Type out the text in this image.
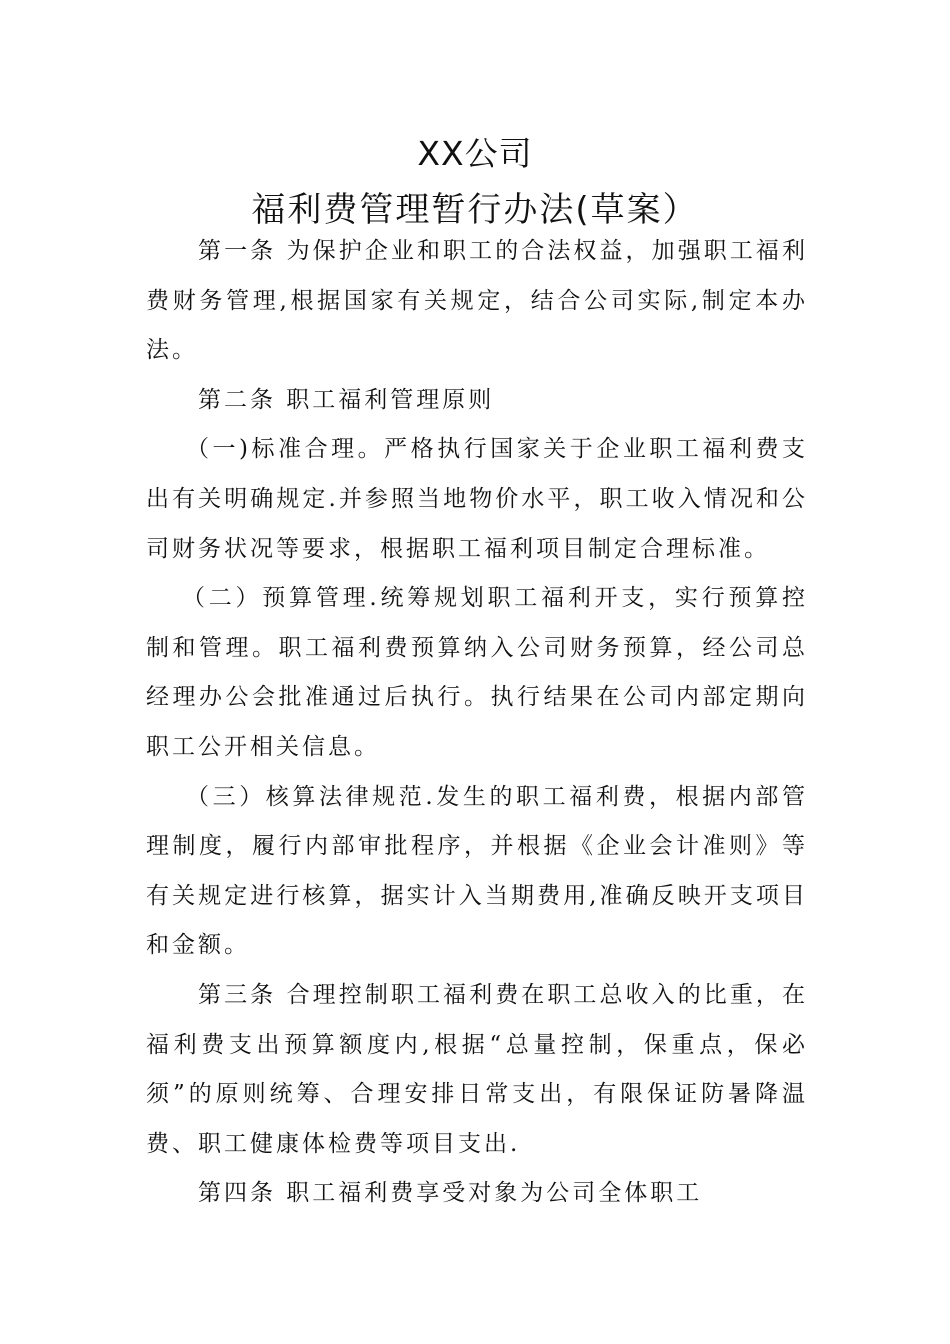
XX公司
福利费管理暂行办法(草案）

第一条 为保护企业和职工的合法权益，加强职工福利费财务管理,根据国家有关规定，结合公司实际,制定本办法。

第二条 职工福利管理原则

（一)标准合理。严格执行国家关于企业职工福利费支出有关明确规定.并参照当地物价水平，职工收入情况和公司财务状况等要求，根据职工福利项目制定合理标准。

（二）预算管理.统筹规划职工福利开支，实行预算控制和管理。职工福利费预算纳入公司财务预算，经公司总经理办公会批准通过后执行。执行结果在公司内部定期向职工公开相关信息。

（三）核算法律规范.发生的职工福利费，根据内部管理制度，履行内部审批程序，并根据《企业会计准则》等有关规定进行核算，据实计入当期费用,准确反映开支项目和金额。

第三条 合理控制职工福利费在职工总收入的比重，在福利费支出预算额度内,根据“总量控制，保重点，保必须”的原则统筹、合理安排日常支出，有限保证防暑降温费、职工健康体检费等项目支出.

第四条 职工福利费享受对象为公司全体职工
